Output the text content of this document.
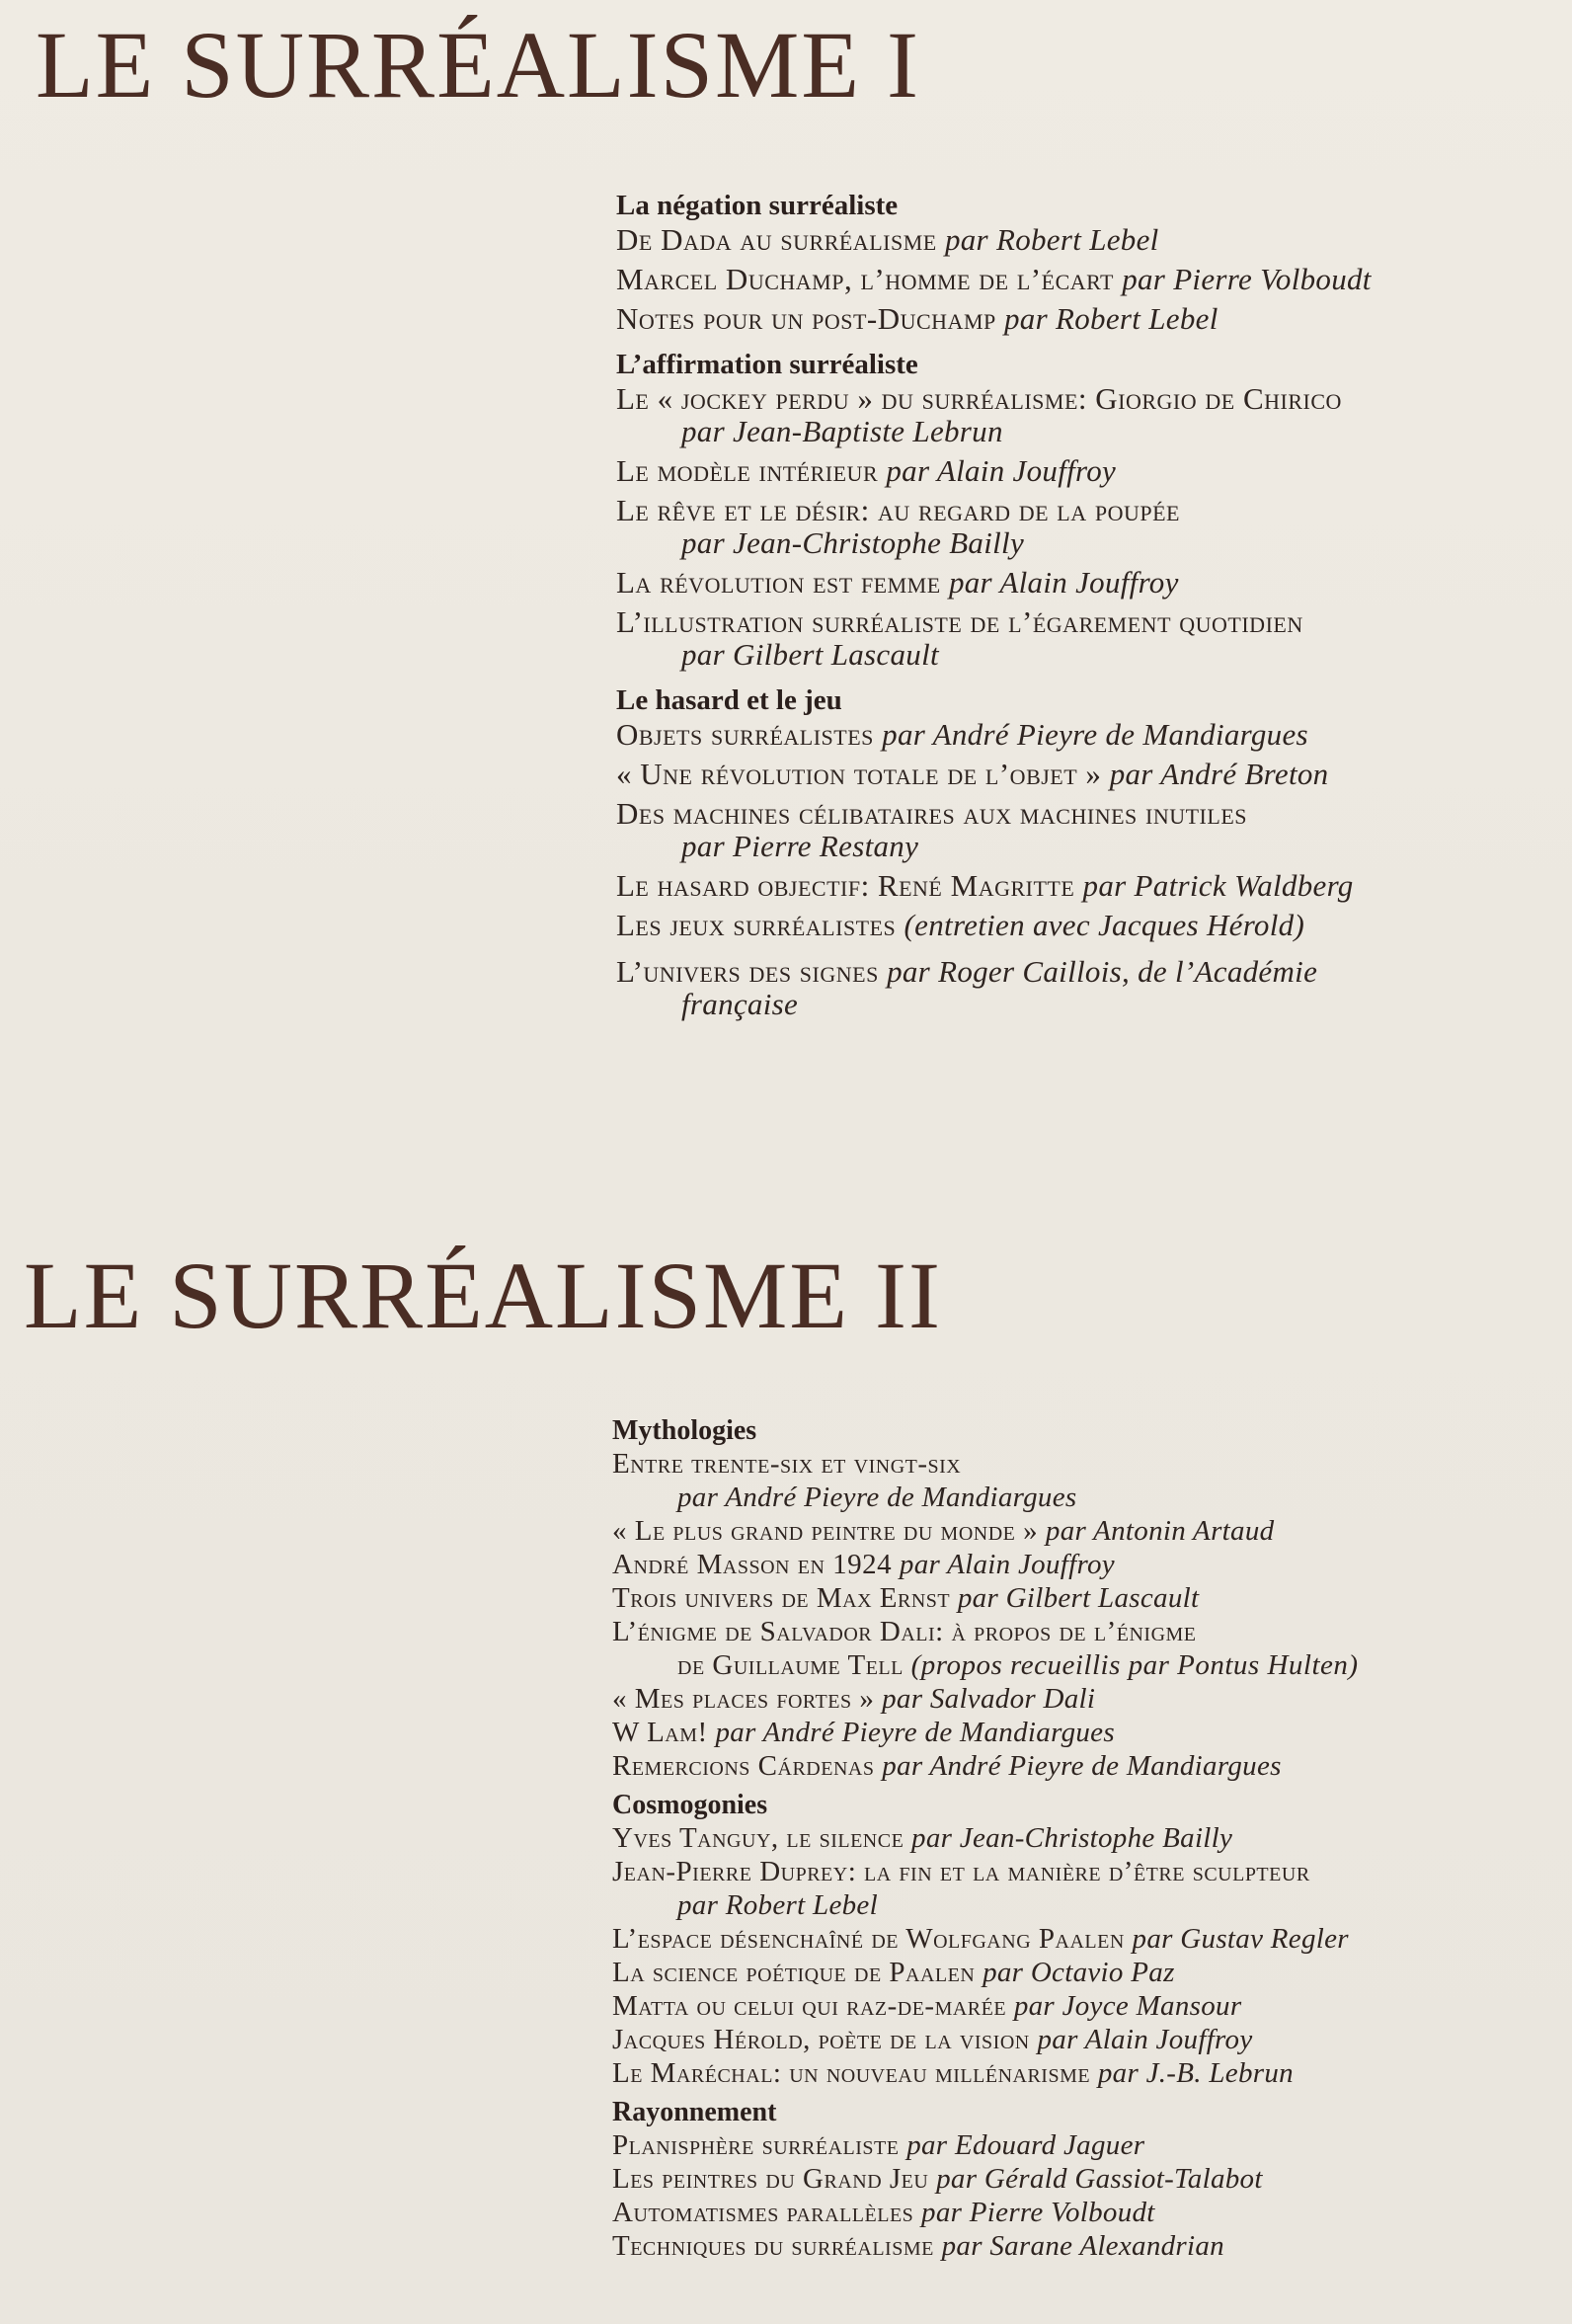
LE SURRÉALISME I
La négation surréaliste
De Dada au surréalisme par Robert Lebel
Marcel Duchamp, l’homme de l’écart par Pierre Volboudt
Notes pour un post-Duchamp par Robert Lebel
L’affirmation surréaliste
Le « jockey perdu » du surréalisme: Giorgio de Chirico
par Jean-Baptiste Lebrun
Le modèle intérieur par Alain Jouffroy
Le rêve et le désir: au regard de la poupée
par Jean-Christophe Bailly
La révolution est femme par Alain Jouffroy
L’illustration surréaliste de l’égarement quotidien
par Gilbert Lascault
Le hasard et le jeu
Objets surréalistes par André Pieyre de Mandiargues
« Une révolution totale de l’objet » par André Breton
Des machines célibataires aux machines inutiles
par Pierre Restany
Le hasard objectif: René Magritte par Patrick Waldberg
Les jeux surréalistes (entretien avec Jacques Hérold)
L’univers des signes par Roger Caillois, de l’Académie
française
LE SURRÉALISME II
Mythologies
Entre trente-six et vingt-six
par André Pieyre de Mandiargues
« Le plus grand peintre du monde » par Antonin Artaud
André Masson en 1924 par Alain Jouffroy
Trois univers de Max Ernst par Gilbert Lascault
L’énigme de Salvador Dali: à propos de l’énigme
de Guillaume Tell (propos recueillis par Pontus Hulten)
« Mes places fortes » par Salvador Dali
W Lam! par André Pieyre de Mandiargues
Remercions Cárdenas par André Pieyre de Mandiargues
Cosmogonies
Yves Tanguy, le silence par Jean-Christophe Bailly
Jean-Pierre Duprey: la fin et la manière d’être sculpteur
par Robert Lebel
L’espace désenchaîné de Wolfgang Paalen par Gustav Regler
La science poétique de Paalen par Octavio Paz
Matta ou celui qui raz-de-marée par Joyce Mansour
Jacques Hérold, poète de la vision par Alain Jouffroy
Le Maréchal: un nouveau millénarisme par J.-B. Lebrun
Rayonnement
Planisphère surréaliste par Edouard Jaguer
Les peintres du Grand Jeu par Gérald Gassiot-Talabot
Automatismes parallèles par Pierre Volboudt
Techniques du surréalisme par Sarane Alexandrian
